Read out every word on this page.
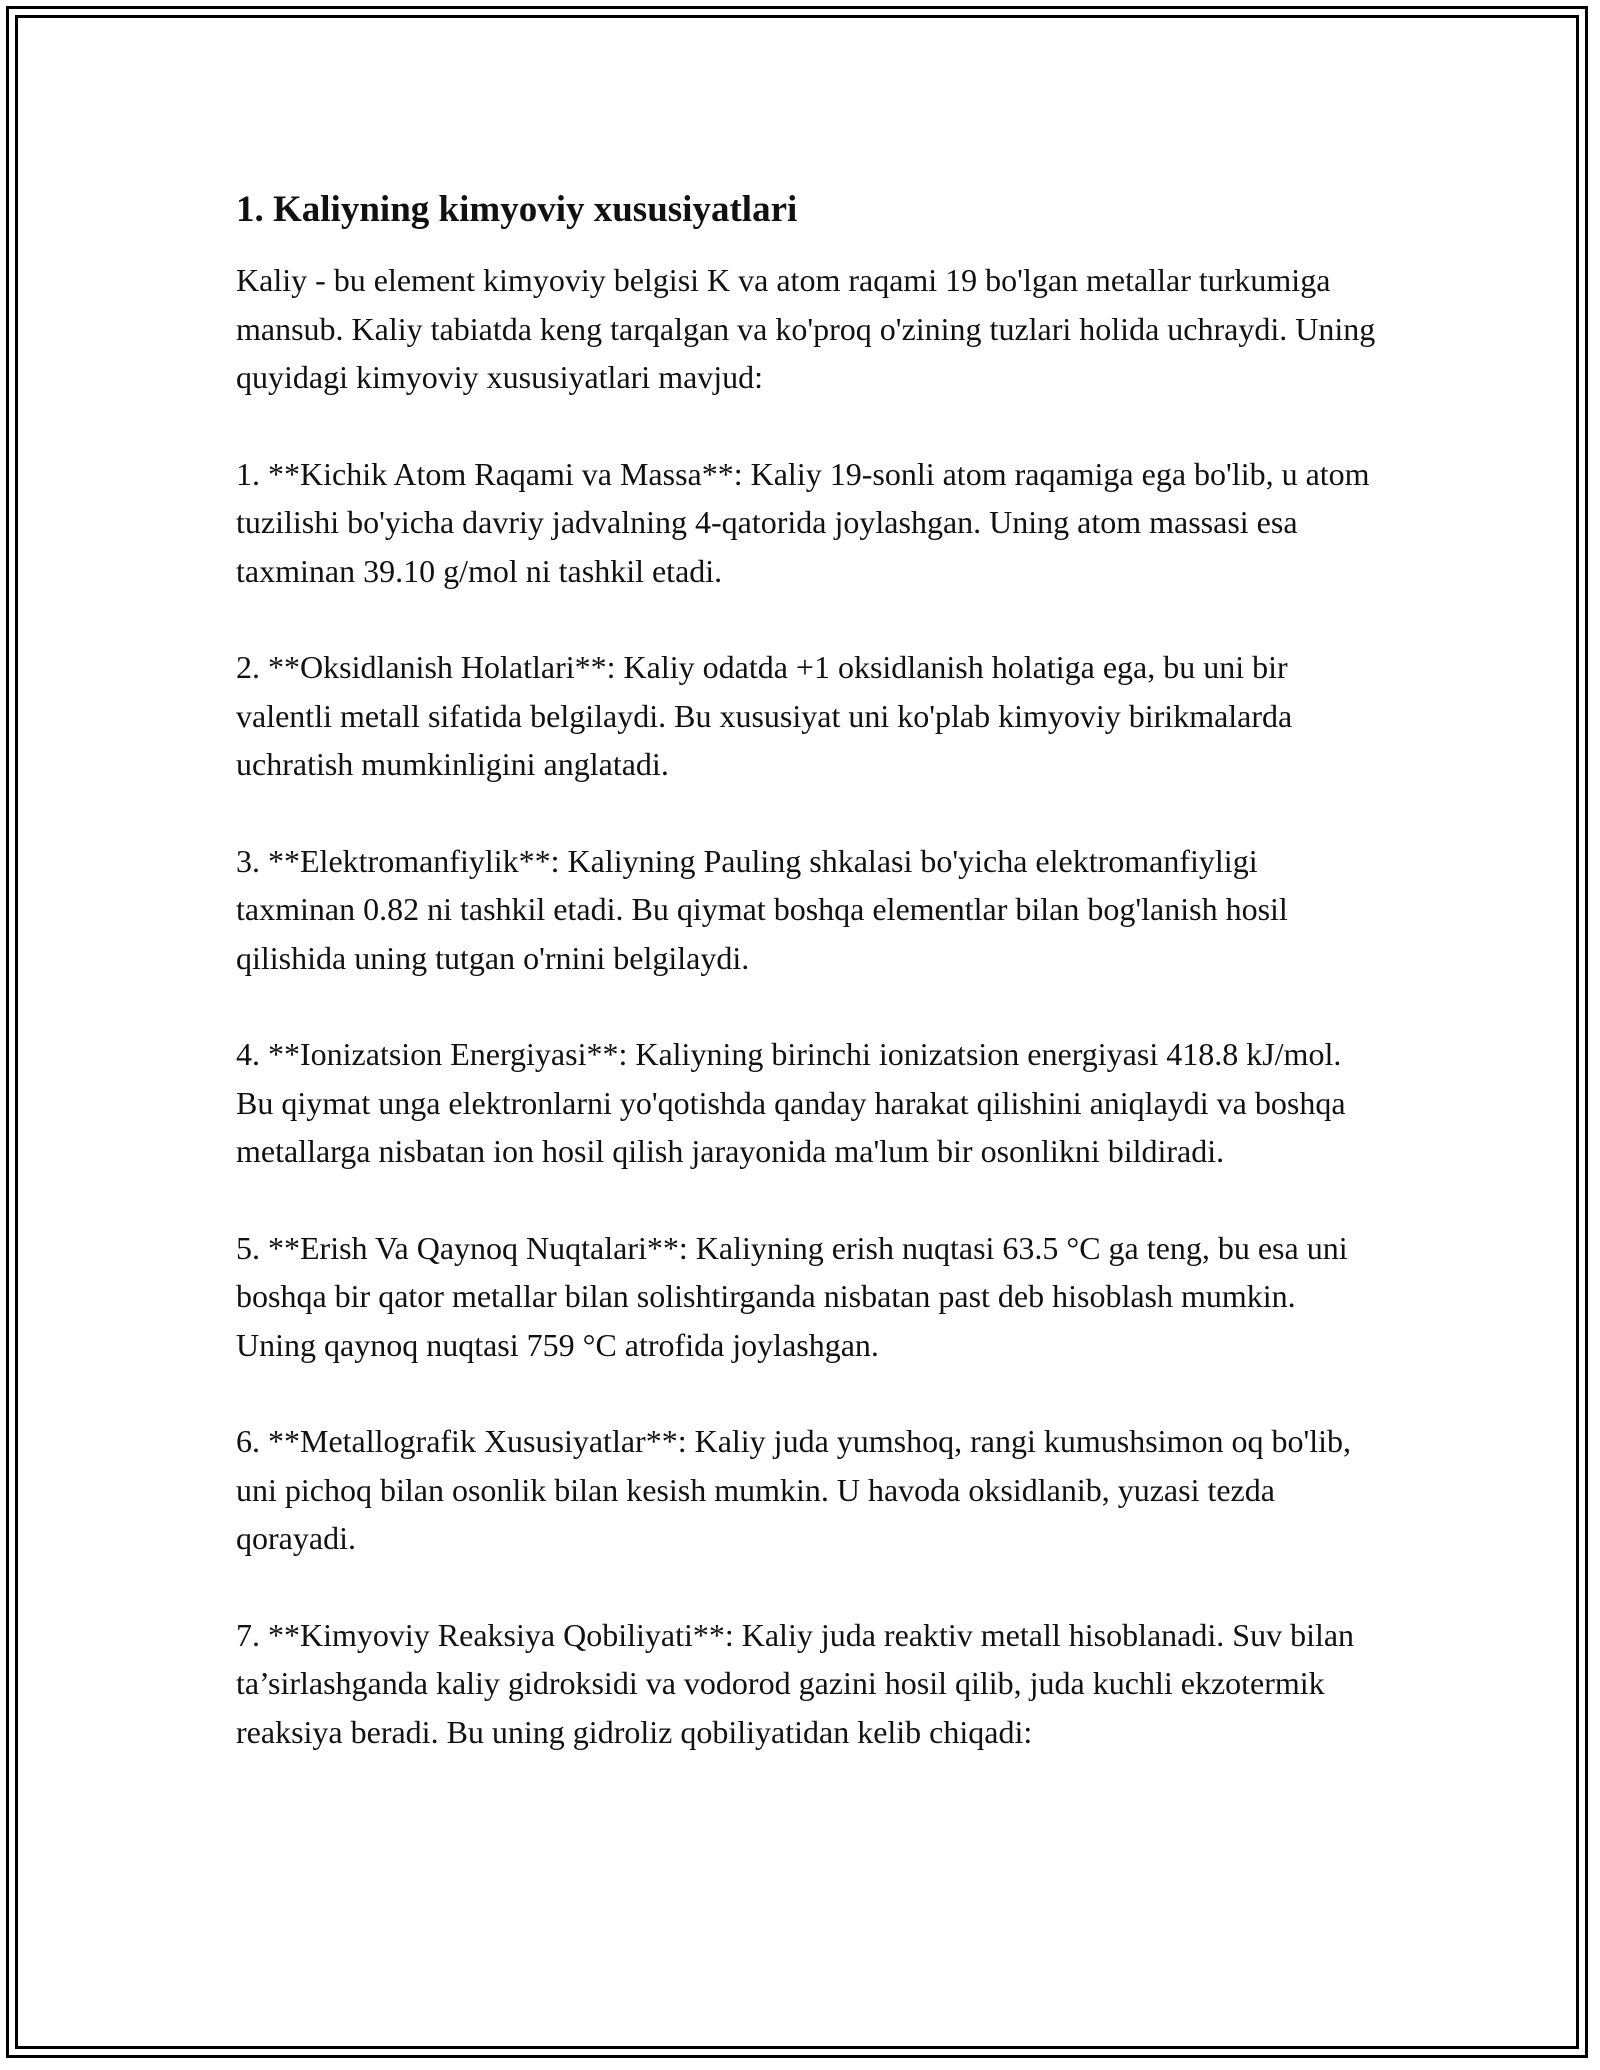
1. Kaliyning kimyoviy xususiyatlari

Kaliy - bu element kimyoviy belgisi K va atom raqami 19 bo'lgan metallar turkumiga mansub. Kaliy tabiatda keng tarqalgan va ko'proq o'zining tuzlari holida uchraydi. Uning quyidagi kimyoviy xususiyatlari mavjud:

1. **Kichik Atom Raqami va Massa**: Kaliy 19-sonli atom raqamiga ega bo'lib, u atom tuzilishi bo'yicha davriy jadvalning 4-qatorida joylashgan. Uning atom massasi esa taxminan 39.10 g/mol ni tashkil etadi.

2. **Oksidlanish Holatlari**: Kaliy odatda +1 oksidlanish holatiga ega, bu uni bir valentli metall sifatida belgilaydi. Bu xususiyat uni ko'plab kimyoviy birikmalarda uchratish mumkinligini anglatadi.

3. **Elektromanfiylik**: Kaliyning Pauling shkalasi bo'yicha elektromanfiyligi taxminan 0.82 ni tashkil etadi. Bu qiymat boshqa elementlar bilan bog'lanish hosil qilishida uning tutgan o'rnini belgilaydi.

4. **Ionizatsion Energiyasi**: Kaliyning birinchi ionizatsion energiyasi 418.8 kJ/mol. Bu qiymat unga elektronlarni yo'qotishda qanday harakat qilishini aniqlaydi va boshqa metallarga nisbatan ion hosil qilish jarayonida ma'lum bir osonlikni bildiradi.

5. **Erish Va Qaynoq Nuqtalari**: Kaliyning erish nuqtasi 63.5 °C ga teng, bu esa uni boshqa bir qator metallar bilan solishtirganda nisbatan past deb hisoblash mumkin. Uning qaynoq nuqtasi 759 °C atrofida joylashgan.

6. **Metallografik Xususiyatlar**: Kaliy juda yumshoq, rangi kumushsimon oq bo'lib, uni pichoq bilan osonlik bilan kesish mumkin. U havoda oksidlanib, yuzasi tezda qorayadi.

7. **Kimyoviy Reaksiya Qobiliyati**: Kaliy juda reaktiv metall hisoblanadi. Suv bilan ta’sirlashganda kaliy gidroksidi va vodorod gazini hosil qilib, juda kuchli ekzotermik reaksiya beradi. Bu uning gidroliz qobiliyatidan kelib chiqadi:
